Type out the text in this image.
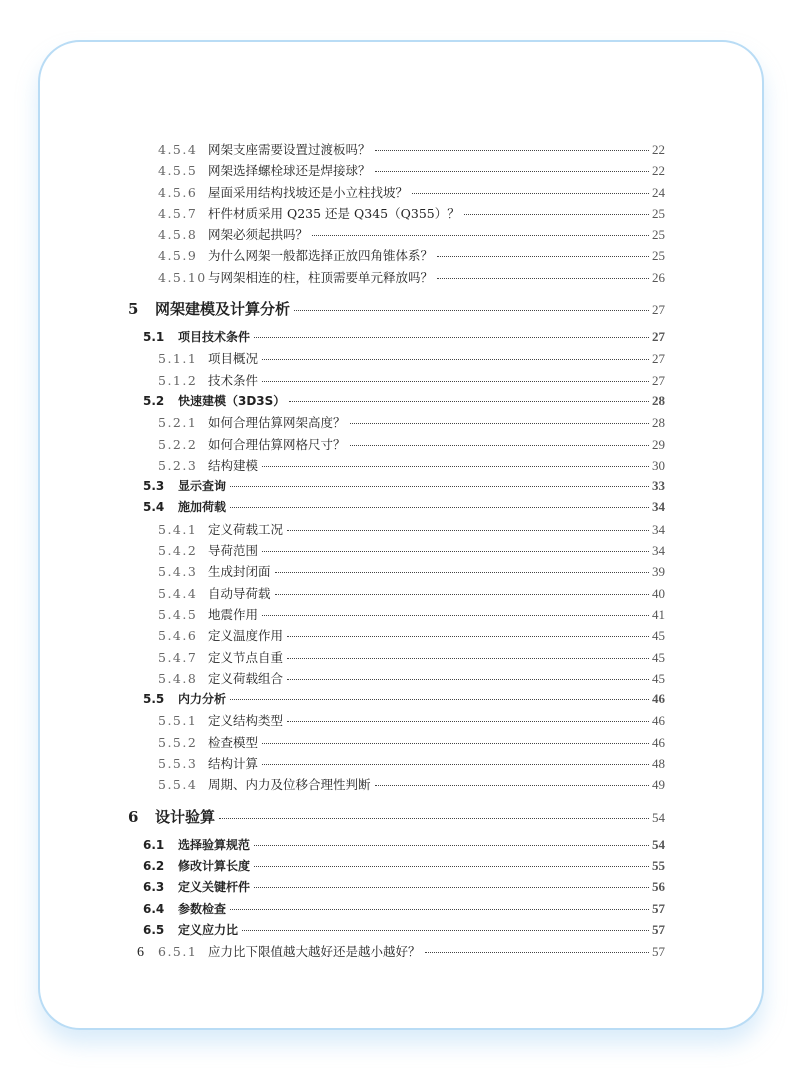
4.5.4 网架支座需要设置过渡板吗？	22
4.5.5 网架选择螺栓球还是焊接球？	22
4.5.6 屋面采用结构找坡还是小立柱找坡？	24
4.5.7 杆件材质采用 Q235 还是 Q345（Q355）？	25
4.5.8 网架必须起拱吗？	25
4.5.9 为什么网架一般都选择正放四角锥体系？	25
4.5.10 与网架相连的柱，柱顶需要单元释放吗？	26
5	网架建模及计算分析	27
5.1	项目技术条件	27
5.1.1 项目概况	27
5.1.2 技术条件	27
5.2	快速建模（3D3S）	28
5.2.1 如何合理估算网架高度？	28
5.2.2 如何合理估算网格尺寸？	29
5.2.3 结构建模	30
5.3	显示查询	33
5.4	施加荷载	34
5.4.1 定义荷载工况	34
5.4.2 导荷范围	34
5.4.3 生成封闭面	39
5.4.4 自动导荷载	40
5.4.5 地震作用	41
5.4.6 定义温度作用	45
5.4.7 定义节点自重	45
5.4.8 定义荷载组合	45
5.5	内力分析	46
5.5.1 定义结构类型	46
5.5.2 检查模型	46
5.5.3 结构计算	48
5.5.4 周期、内力及位移合理性判断	49
6	设计验算	54
6.1	选择验算规范	54
6.2	修改计算长度	55
6.3	定义关键杆件	56
6.4	参数检查	57
6.5	定义应力比	57
6.5.1 应力比下限值越大越好还是越小越好？	57
6
